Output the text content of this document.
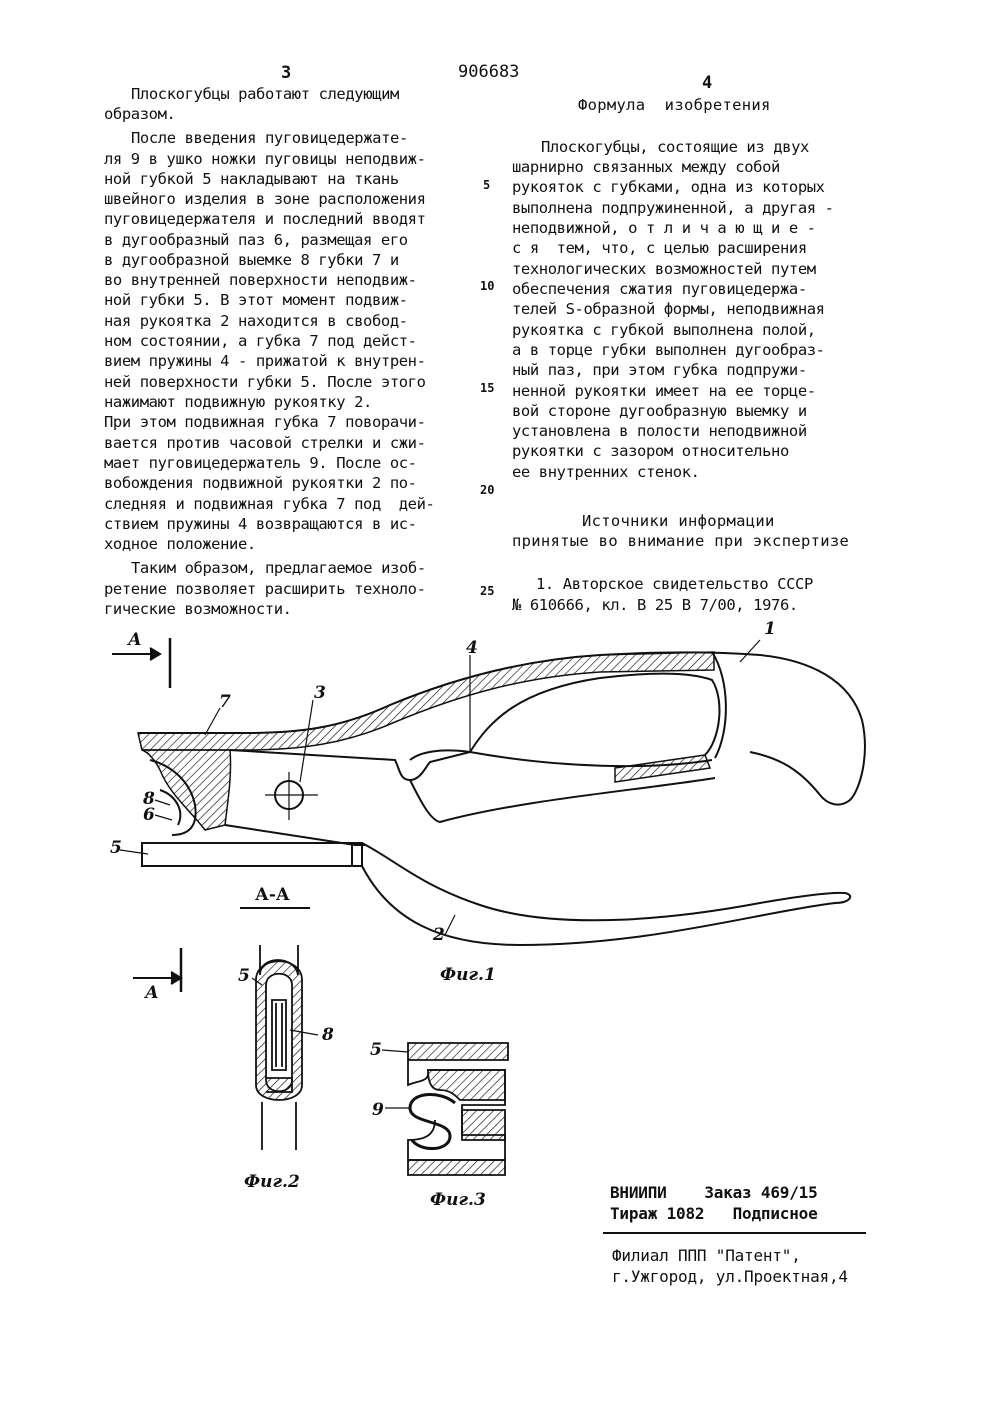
3	906683
4
Плоскогубцы работают следующим
образом.
После введения пуговицедержате-
ля 9 в ушко ножки пуговицы неподвиж-
ной губкой 5 накладывают на ткань
швейного изделия в зоне расположения
пуговицедержателя и последний вводят
в дугообразный паз 6, размещая его
в дугообразной выемке 8 губки 7 и
во внутренней поверхности неподвиж-
ной губки 5. В этот момент подвиж-
ная рукоятка 2 находится в свобод-
ном состоянии, а губка 7 под дейст-
вием пружины 4 - прижатой к внутрен-
ней поверхности губки 5. После этого
нажимают подвижную рукоятку 2.
При этом подвижная губка 7 поворачи-
вается против часовой стрелки и сжи-
мает пуговицедержатель 9. После ос-
вобождения подвижной рукоятки 2 по-
следняя и подвижная губка 7 под  дей-
ствием пружины 4 возвращаются в ис-
ходное положение.
Таким образом, предлагаемое изоб-
ретение позволяет расширить техноло-
гические возможности.
5
10
15
20
25
Формула  изобретения
Плоскогубцы, состоящие из двух
шарнирно связанных между собой
рукояток с губками, одна из которых
выполнена подпружиненной, а другая -
неподвижной, о т л и ч а ю щ и е -
с я  тем, что, с целью расширения
технологических возможностей путем
обеспечения сжатия пуговицедержа-
телей S-образной формы, неподвижная
рукоятка с губкой выполнена полой,
а в торце губки выполнен дугообраз-
ный паз, при этом губка подпружи-
ненной рукоятки имеет на ее торце-
вой стороне дугообразную выемку и
установлена в полости неподвижной
рукоятки с зазором относительно
ее внутренних стенок.
Источники информации
принятые во внимание при экспертизе
1. Авторское свидетельство СССР
№ 610666, кл. В 25 В 7/00, 1976.
А
А
А-А
1
2
3
4
5
6
7
8
5
8
5
9
Фиг.1
Фиг.2
Фиг.3	ВНИИПИ    Заказ 469/15
Тираж 1082   Подписное
Филиал ППП "Патент",
г.Ужгород, ул.Проектная,4
